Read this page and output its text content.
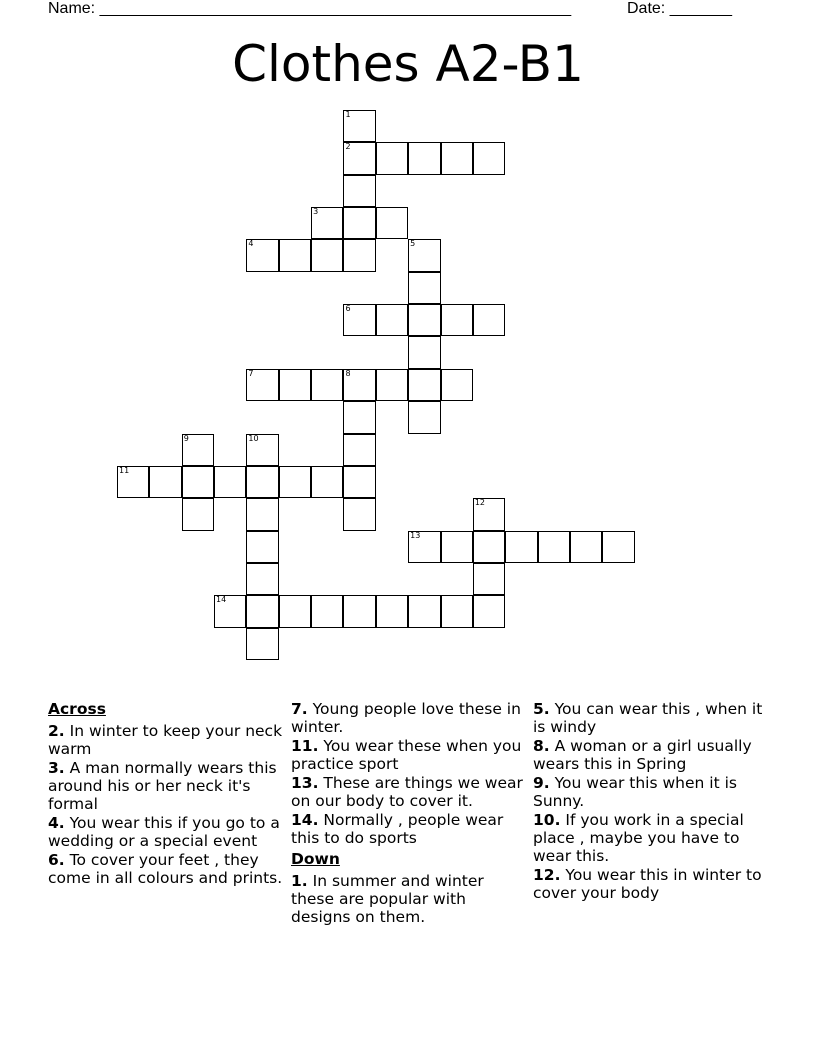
Name: _____________________________________________________	Date: _______
Clothes A2-B1
1
2
3
4	5
6
7	8
9	10
11
12
13
14
Across
2. In winter to keep your neck warm
3. A man normally wears this around his or her neck it's formal
4. You wear this if you go to a wedding or a special event
6. To cover your feet , they come in all colours and prints.
7. Young people love these in winter.
11. You wear these when you practice sport
13. These are things we wear on our body to cover it.
14. Normally , people wear this to do sports
Down
1. In summer and winter these are popular with designs on them.
5. You can wear this , when it is windy
8. A woman or a girl usually wears this in Spring
9. You wear this when it is Sunny.
10. If you work in a special place , maybe you have to wear this.
12. You wear this in winter to cover your body
